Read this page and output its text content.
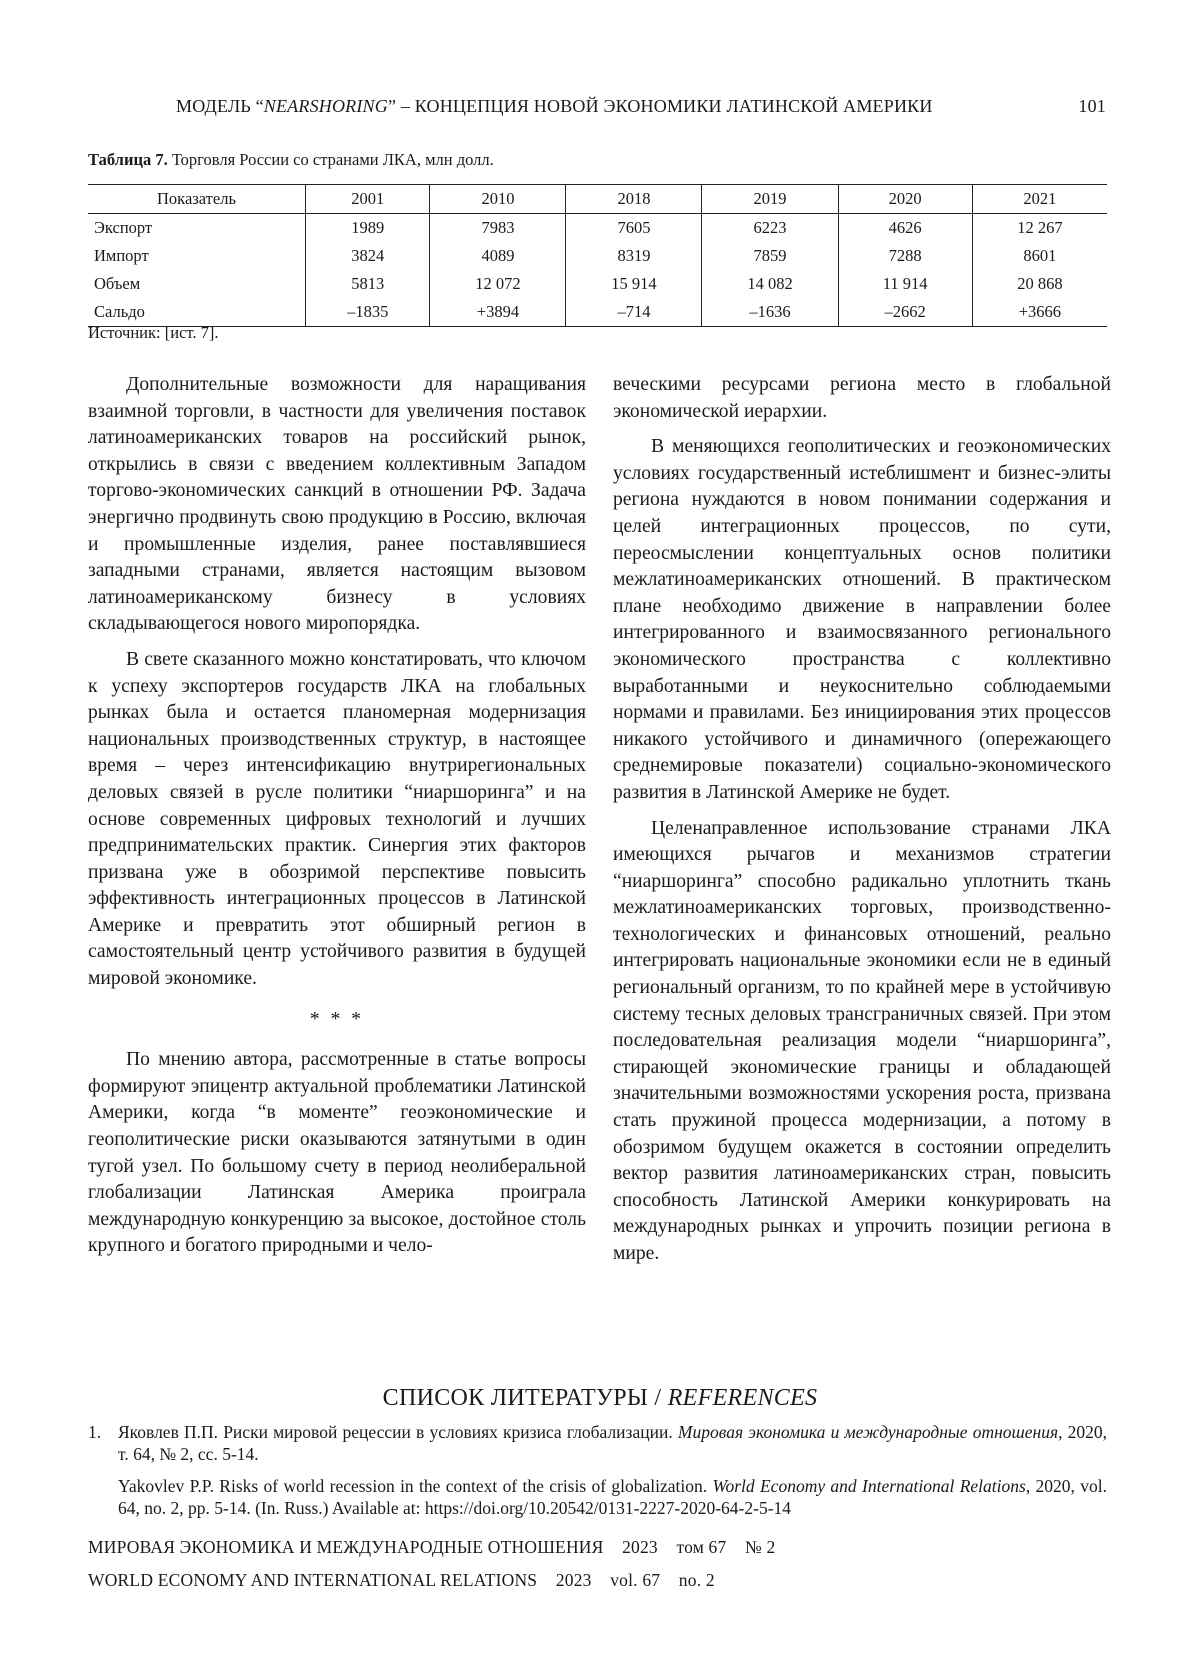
МОДЕЛЬ “NEARSHORING” – КОНЦЕПЦИЯ НОВОЙ ЭКОНОМИКИ ЛАТИНСКОЙ АМЕРИКИ	101
Таблица 7. Торговля России со странами ЛКА, млн долл.
Показатель	2001	2010	2018	2019	2020	2021
Экспорт	1989	7983	7605	6223	4626	12 267
Импорт	3824	4089	8319	7859	7288	8601
Объем	5813	12 072	15 914	14 082	11 914	20 868
Сальдо	–1835	+3894	–714	–1636	–2662	+3666
Источник: [ист. 7].

Дополнительные возможности для наращивания взаимной торговли, в частности для увеличения поставок латиноамериканских товаров на российский рынок, открылись в связи с введением коллективным Западом торгово-экономических санкций в отношении РФ. Задача энергично продвинуть свою продукцию в Россию, включая и промышленные изделия, ранее поставлявшиеся западными странами, является настоящим вызовом латиноамериканскому бизнесу в условиях складывающегося нового миропорядка.

В свете сказанного можно констатировать, что ключом к успеху экспортеров государств ЛКА на глобальных рынках была и остается планомерная модернизация национальных производственных структур, в настоящее время – через интенсификацию внутрирегиональных деловых связей в русле политики “ниаршоринга” и на основе современных цифровых технологий и лучших предпринимательских практик. Синергия этих факторов призвана уже в обозримой перспективе повысить эффективность интеграционных процессов в Латинской Америке и превратить этот обширный регион в самостоятельный центр устойчивого развития в будущей мировой экономике.

* * *

По мнению автора, рассмотренные в статье вопросы формируют эпицентр актуальной проблематики Латинской Америки, когда “в моменте” геоэкономические и геополитические риски оказываются затянутыми в один тугой узел. По большому счету в период неолиберальной глобализации Латинская Америка проиграла международную конкуренцию за высокое, достойное столь крупного и богатого природными и чело-

веческими ресурсами региона место в глобальной экономической иерархии.

В меняющихся геополитических и геоэкономических условиях государственный истеблишмент и бизнес-элиты региона нуждаются в новом понимании содержания и целей интеграционных процессов, по сути, переосмыслении концептуальных основ политики межлатиноамериканских отношений. В практическом плане необходимо движение в направлении более интегрированного и взаимосвязанного регионального экономического пространства с коллективно выработанными и неукоснительно соблюдаемыми нормами и правилами. Без инициирования этих процессов никакого устойчивого и динамичного (опережающего среднемировые показатели) социально-экономического развития в Латинской Америке не будет.

Целенаправленное использование странами ЛКА имеющихся рычагов и механизмов стратегии “ниаршоринга” способно радикально уплотнить ткань межлатиноамериканских торговых, производственно-технологических и финансовых отношений, реально интегрировать национальные экономики если не в единый региональный организм, то по крайней мере в устойчивую систему тесных деловых трансграничных связей. При этом последовательная реализация модели “ниаршоринга”, стирающей экономические границы и обладающей значительными возможностями ускорения роста, призвана стать пружиной процесса модернизации, а потому в обозримом будущем окажется в состоянии определить вектор развития латиноамериканских стран, повысить способность Латинской Америки конкурировать на международных рынках и упрочить позиции региона в мире.

СПИСОК ЛИТЕРАТУРЫ / REFERENCES
1. Яковлев П.П. Риски мировой рецессии в условиях кризиса глобализации. Мировая экономика и международные отношения, 2020, т. 64, № 2, сс. 5-14.
Yakovlev P.P. Risks of world recession in the context of the crisis of globalization. World Economy and International Relations, 2020, vol. 64, no. 2, pp. 5-14. (In. Russ.) Available at: https://doi.org/10.20542/0131-2227-2020-64-2-5-14
МИРОВАЯ ЭКОНОМИКА И МЕЖДУНАРОДНЫЕ ОТНОШЕНИЯ 2023 том 67 № 2
WORLD ECONOMY AND INTERNATIONAL RELATIONS 2023 vol. 67 no. 2
